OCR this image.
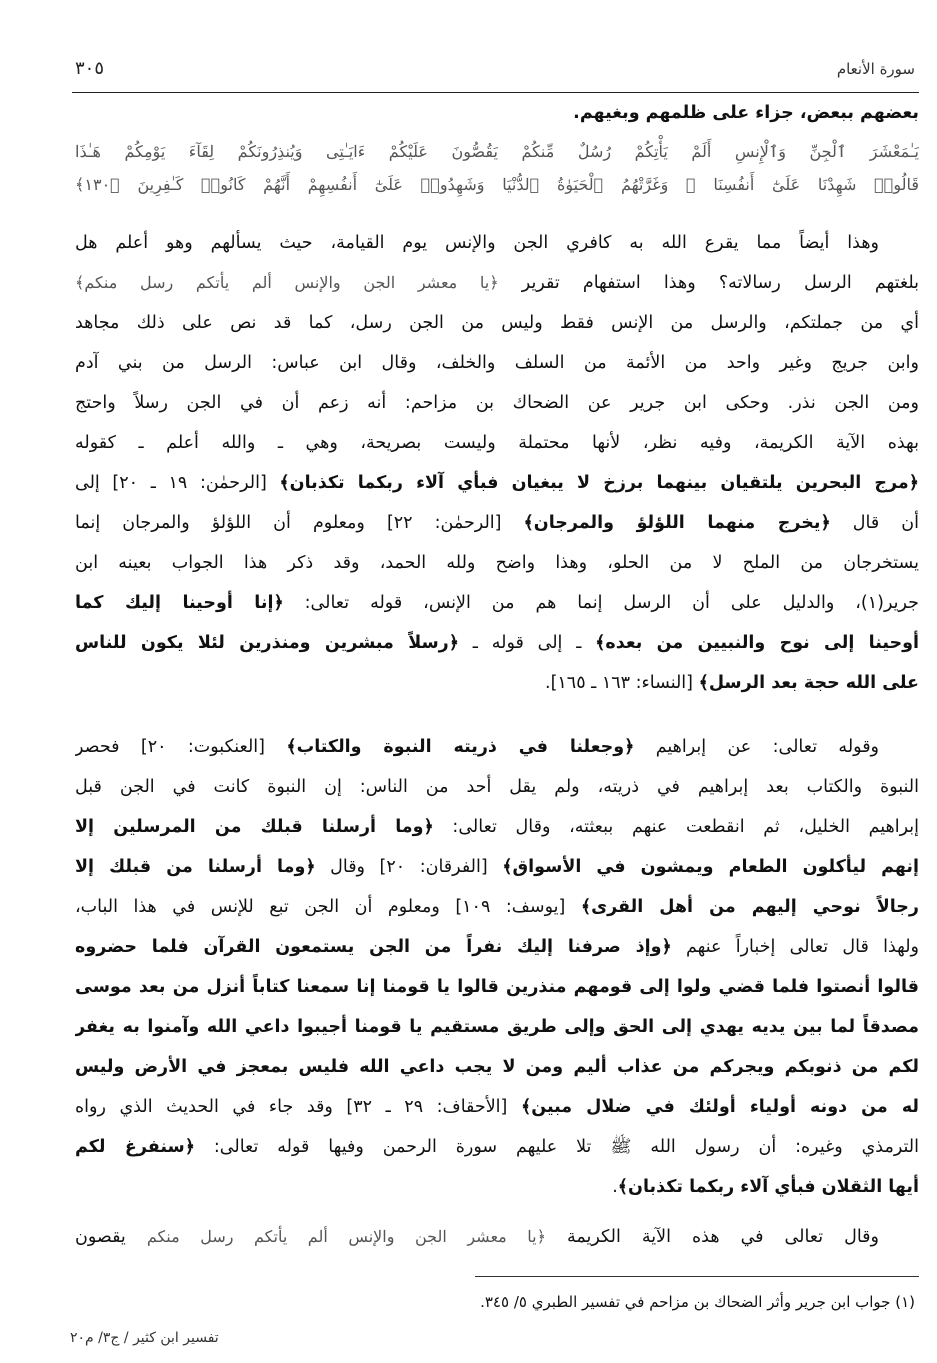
سورة الأنعام
٣٠٥
بعضهم ببعض، جزاء على ظلمهم وبغيهم.
يَـٰمَعْشَرَ ٱلْجِنِّ وَٱلْإِنسِ أَلَمْ يَأْتِكُمْ رُسُلٌ مِّنكُمْ يَقُصُّونَ عَلَيْكُمْ ءَايَـٰتِى وَيُنذِرُونَكُمْ لِقَآءَ يَوْمِكُمْ هَـٰذَا
قَالُوا۟ شَهِدْنَا عَلَىٰٓ أَنفُسِنَا ۖ وَغَرَّتْهُمُ ٱلْحَيَوٰةُ ٱلدُّنْيَا وَشَهِدُوا۟ عَلَىٰٓ أَنفُسِهِمْ أَنَّهُمْ كَانُوا۟ كَـٰفِرِينَ ﴿١٣٠﴾
وهذا أيضاً مما يقرع الله به كافري الجن والإنس يوم القيامة، حيث يسألهم وهو أعلم هل
بلغتهم الرسل رسالاته؟ وهذا استفهام تقرير ﴿يا معشر الجن والإنس ألم يأتكم رسل منكم﴾
أي من جملتكم، والرسل من الإنس فقط وليس من الجن رسل، كما قد نص على ذلك مجاهد
وابن جريج وغير واحد من الأئمة من السلف والخلف، وقال ابن عباس: الرسل من بني آدم
ومن الجن نذر. وحكى ابن جرير عن الضحاك بن مزاحم: أنه زعم أن في الجن رسلاً واحتج
بهذه الآية الكريمة، وفيه نظر، لأنها محتملة وليست بصريحة، وهي ـ والله أعلم ـ كقوله
﴿مرج البحرين يلتقيان بينهما برزخ لا يبغيان فبأي آلاء ربكما تكذبان﴾ [الرحمٰن: ١٩ ـ ٢٠] إلى
أن قال ﴿يخرج منهما اللؤلؤ والمرجان﴾ [الرحمٰن: ٢٢] ومعلوم أن اللؤلؤ والمرجان إنما
يستخرجان من الملح لا من الحلو، وهذا واضح ولله الحمد، وقد ذكر هذا الجواب بعينه ابن
جرير(١)، والدليل على أن الرسل إنما هم من الإنس، قوله تعالى: ﴿إنا أوحينا إليك كما
أوحينا إلى نوح والنبيين من بعده﴾ ـ إلى قوله ـ ﴿رسلاً مبشرين ومنذرين لئلا يكون للناس
على الله حجة بعد الرسل﴾ [النساء: ١٦٣ ـ ١٦٥].
وقوله تعالى: عن إبراهيم ﴿وجعلنا في ذريته النبوة والكتاب﴾ [العنكبوت: ٢٠] فحصر
النبوة والكتاب بعد إبراهيم في ذريته، ولم يقل أحد من الناس: إن النبوة كانت في الجن قبل
إبراهيم الخليل، ثم انقطعت عنهم ببعثته، وقال تعالى: ﴿وما أرسلنا قبلك من المرسلين إلا
إنهم ليأكلون الطعام ويمشون في الأسواق﴾ [الفرقان: ٢٠] وقال ﴿وما أرسلنا من قبلك إلا
رجالاً نوحي إليهم من أهل القرى﴾ [يوسف: ١٠٩] ومعلوم أن الجن تبع للإنس في هذا الباب،
ولهذا قال تعالى إخباراً عنهم ﴿وإذ صرفنا إليك نفراً من الجن يستمعون القرآن فلما حضروه
قالوا أنصتوا فلما قضي ولوا إلى قومهم منذرين قالوا يا قومنا إنا سمعنا كتاباً أنزل من بعد موسى
مصدقاً لما بين يديه يهدي إلى الحق وإلى طريق مستقيم يا قومنا أجيبوا داعي الله وآمنوا به يغفر
لكم من ذنوبكم ويجركم من عذاب أليم ومن لا يجب داعي الله فليس بمعجز في الأرض وليس
له من دونه أولياء أولئك في ضلال مبين﴾ [الأحقاف: ٢٩ ـ ٣٢] وقد جاء في الحديث الذي رواه
الترمذي وغيره: أن رسول الله ﷺ تلا عليهم سورة الرحمن وفيها قوله تعالى: ﴿سنفرغ لكم
أيها الثقلان فبأي آلاء ربكما تكذبان﴾.
وقال تعالى في هذه الآية الكريمة ﴿يا معشر الجن والإنس ألم يأتكم رسل منكم يقصون
(١) جواب ابن جرير وأثر الضحاك بن مزاحم في تفسير الطبري ٥/ ٣٤٥.
تفسير ابن كثير / ج٣/ م٢٠
